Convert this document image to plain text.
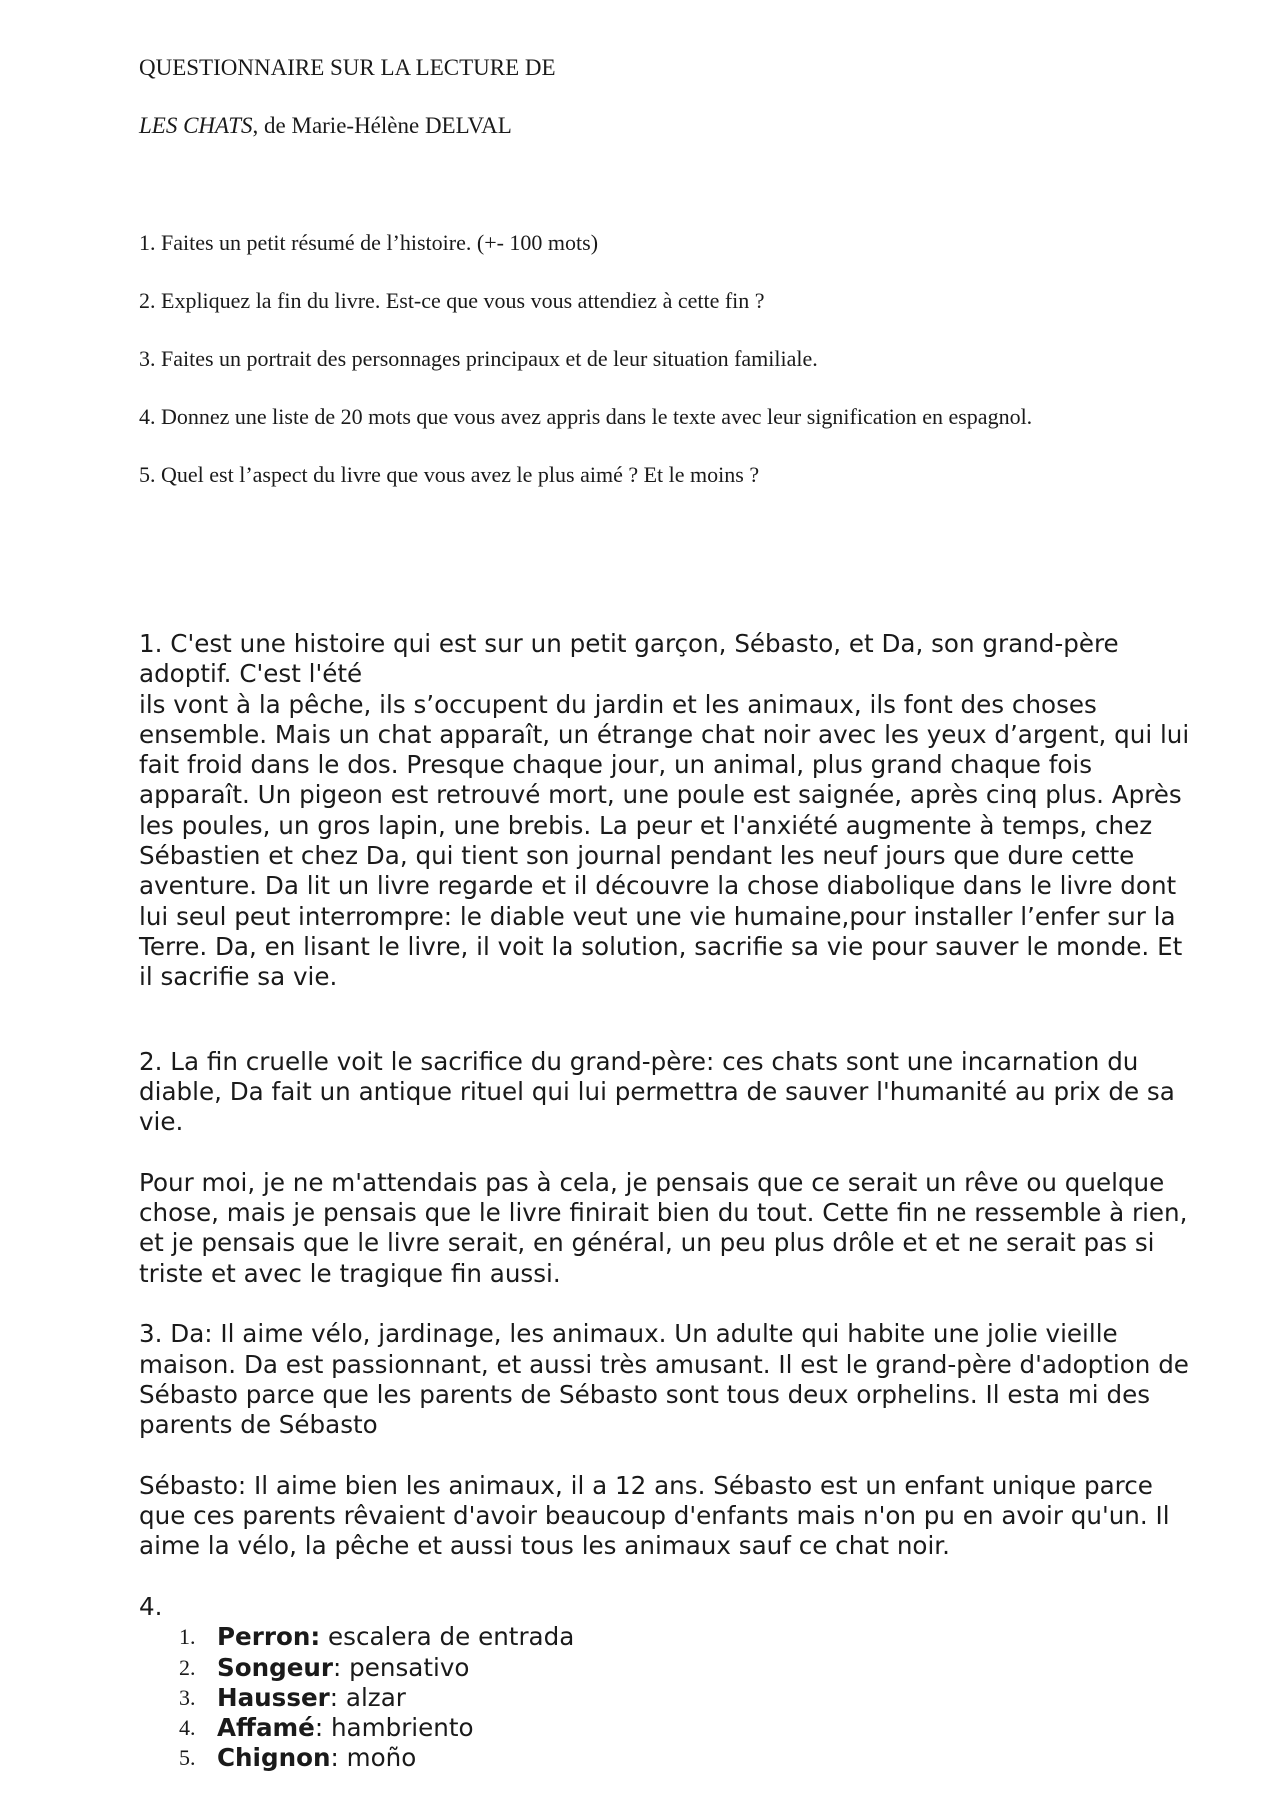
QUESTIONNAIRE SUR LA LECTURE DE
LES CHATS, de Marie-Hélène DELVAL

1. Faites un petit résumé de l’histoire. (+- 100 mots)

2. Expliquez la fin du livre. Est-ce que vous vous attendiez à cette fin ?

3. Faites un portrait des personnages principaux et de leur situation familiale.

4. Donnez une liste de 20 mots que vous avez appris dans le texte avec leur signification en espagnol.

5. Quel est l’aspect du livre que vous avez le plus aimé ? Et le moins ?

1. C'est une histoire qui est sur un petit garçon, Sébasto, et Da, son grand-père adoptif. C'est l'été

ils vont à la pêche, ils s’occupent du jardin et les animaux, ils font des choses ensemble. Mais un chat apparaît, un étrange chat noir avec les yeux d’argent, qui lui fait froid dans le dos. Presque chaque jour, un animal, plus grand chaque fois apparaît. Un pigeon est retrouvé mort, une poule est saignée, après cinq plus. Après les poules, un gros lapin, une brebis. La peur et l'anxiété augmente à temps, chez Sébastien et chez Da, qui tient son journal pendant les neuf jours que dure cette aventure. Da lit un livre regarde et il découvre la chose diabolique dans le livre dont lui seul peut interrompre: le diable veut une vie humaine,pour installer l’enfer sur la Terre. Da, en lisant le livre, il voit la solution, sacrifie sa vie pour sauver le monde. Et il sacrifie sa vie.

2. La fin cruelle voit le sacrifice du grand-père: ces chats sont une incarnation du diable, Da fait un antique rituel qui lui permettra de sauver l'humanité au prix de sa vie.

Pour moi, je ne m'attendais pas à cela, je pensais que ce serait un rêve ou quelque chose, mais je pensais que le livre finirait bien du tout. Cette fin ne ressemble à rien, et je pensais que le livre serait, en général, un peu plus drôle et et ne serait pas si triste et avec le tragique fin aussi.

3. Da: Il aime vélo, jardinage, les animaux. Un adulte qui habite une jolie vieille maison. Da est passionnant, et aussi très amusant. Il est le grand-père d'adoption de Sébasto parce que les parents de Sébasto sont tous deux orphelins. Il esta mi des parents de Sébasto

Sébasto: Il aime bien les animaux, il a 12 ans. Sébasto est un enfant unique parce que ces parents rêvaient d'avoir beaucoup d'enfants mais n'on pu en avoir qu'un. Il aime la vélo, la pêche et aussi tous les animaux sauf ce chat noir.

4.

1. Perron: escalera de entrada
2. Songeur: pensativo
3. Hausser: alzar
4. Affamé: hambriento
5. Chignon: moño
